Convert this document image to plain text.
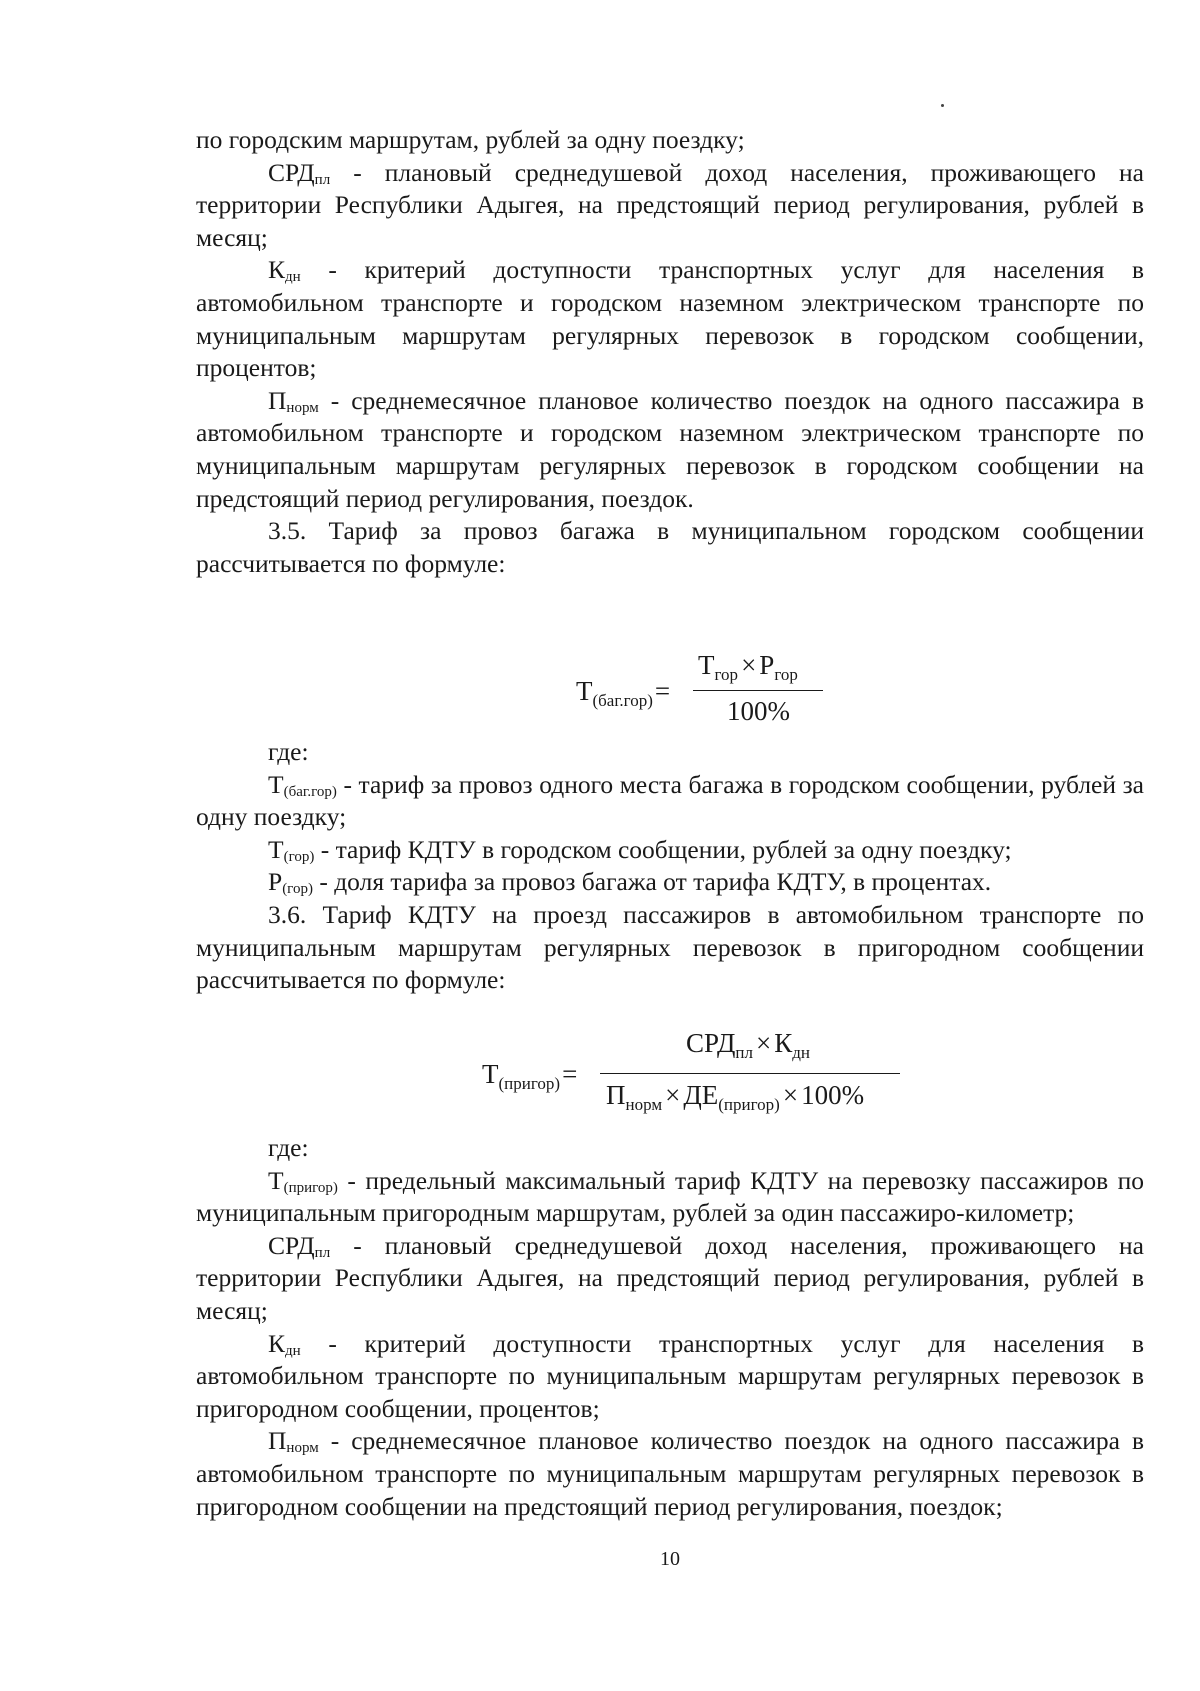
по городским маршрутам, рублей за одну поездку;

$СРД_{пл}$ - плановый среднедушевой доход населения, проживающего на территории Республики Адыгея, на предстоящий период регулирования, рублей в месяц;

$К_{дн}$ - критерий доступности транспортных услуг для населения в автомобильном транспорте и городском наземном электрическом транспорте по муниципальным маршрутам регулярных перевозок в городском сообщении, процентов;

$П_{норм}$ - среднемесячное плановое количество поездок на одного пассажира в автомобильном транспорте и городском наземном электрическом транспорте по муниципальным маршрутам регулярных перевозок в городском сообщении на предстоящий период регулирования, поездок.

3.5. Тариф за провоз багажа в муниципальном городском сообщении рассчитывается по формуле:

$Т_{(баг.гор)}=$
$Т_{гор} \times Р_{гор}$
100%

где:

$Т_{(баг.гор)}$ - тариф за провоз одного места багажа в городском сообщении, рублей за одну поездку;

$Т_{(гор)}$ - тариф КДТУ в городском сообщении, рублей за одну поездку;

$Р_{(гор)}$ - доля тарифа за провоз багажа от тарифа КДТУ, в процентах.

3.6. Тариф КДТУ на проезд пассажиров в автомобильном транспорте по муниципальным маршрутам регулярных перевозок в пригородном сообщении рассчитывается по формуле:

$Т_{(пригор)}=$
$СРД_{пл} \times К_{дн}$
$П_{норм} \times ДЕ_{(пригор)} \times 100\%$

где:

$Т_{(пригор)}$ - предельный максимальный тариф КДТУ на перевозку пассажиров по муниципальным пригородным маршрутам, рублей за один пассажиро-километр;

$СРД_{пл}$ - плановый среднедушевой доход населения, проживающего на территории Республики Адыгея, на предстоящий период регулирования, рублей в месяц;

$К_{дн}$ - критерий доступности транспортных услуг для населения в автомобильном транспорте по муниципальным маршрутам регулярных перевозок в пригородном сообщении, процентов;

$П_{норм}$ - среднемесячное плановое количество поездок на одного пассажира в автомобильном транспорте по муниципальным маршрутам регулярных перевозок в пригородном сообщении на предстоящий период регулирования, поездок;

10
